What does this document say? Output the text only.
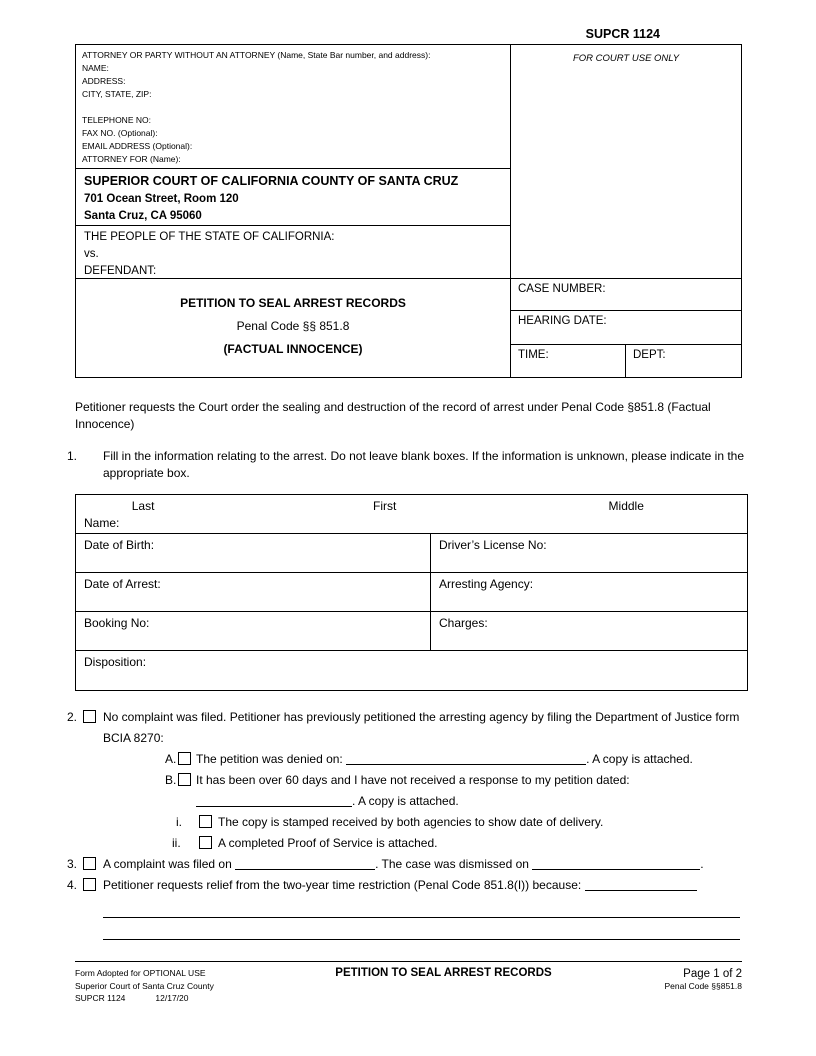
SUPCR 1124
ATTORNEY OR PARTY WITHOUT AN ATTORNEY (Name, State Bar number, and address):
NAME:
ADDRESS:
CITY, STATE, ZIP:
TELEPHONE NO:
FAX NO. (Optional):
EMAIL ADDRESS (Optional):
ATTORNEY FOR (Name):
SUPERIOR COURT OF CALIFORNIA COUNTY OF SANTA CRUZ
701 Ocean Street, Room 120
Santa Cruz, CA 95060
THE PEOPLE OF THE STATE OF CALIFORNIA:
vs.
DEFENDANT:
PETITION TO SEAL ARREST RECORDS
Penal Code §§ 851.8
(FACTUAL INNOCENCE)
FOR COURT USE ONLY
CASE NUMBER:
HEARING DATE:
TIME:	DEPT:
Petitioner requests the Court order the sealing and destruction of the record of arrest under Penal Code §851.8 (Factual Innocence)
1.	Fill in the information relating to the arrest. Do not leave blank boxes. If the information is unknown, please indicate in the appropriate box.
Last	First	Middle
Name:
Date of Birth:	Driver’s License No:
Date of Arrest:	Arresting Agency:
Booking No:	Charges:
Disposition:
2.	No complaint was filed. Petitioner has previously petitioned the arresting agency by filing the Department of Justice form BCIA 8270:
A. The petition was denied on:	. A copy is attached.
B. It has been over 60 days and I have not received a response to my petition dated:
. A copy is attached.
i.	The copy is stamped received by both agencies to show date of delivery.
ii.	A completed Proof of Service is attached.
3.	A complaint was filed on	. The case was dismissed on	.
4.	Petitioner requests relief from the two-year time restriction (Penal Code 851.8(I)) because:
Form Adopted for OPTIONAL USE
Superior Court of Santa Cruz County
SUPCR 1124	12/17/20
PETITION TO SEAL ARREST RECORDS	Page 1 of 2
Penal Code §§851.8
